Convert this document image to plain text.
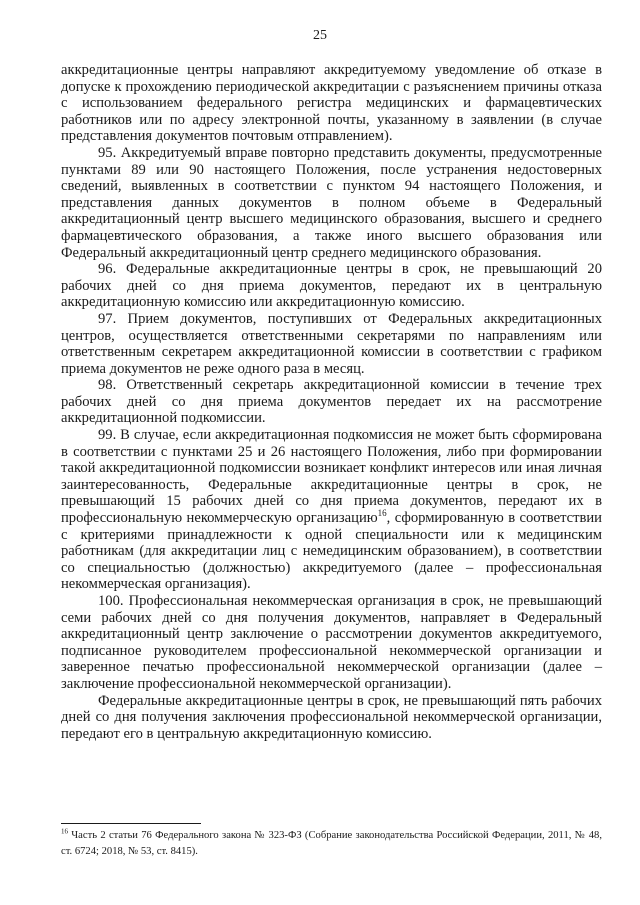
25

аккредитационные центры направляют аккредитуемому уведомление об отказе в допуске к прохождению периодической аккредитации с разъяснением причины отказа с использованием федерального регистра медицинских и фармацевтических работников или по адресу электронной почты, указанному в заявлении (в случае представления документов почтовым отправлением).

95. Аккредитуемый вправе повторно представить документы, предусмотренные пунктами 89 или 90 настоящего Положения, после устранения недостоверных сведений, выявленных в соответствии с пунктом 94 настоящего Положения, и представления данных документов в полном объеме в Федеральный аккредитационный центр высшего медицинского образования, высшего и среднего фармацевтического образования, а также иного высшего образования или Федеральный аккредитационный центр среднего медицинского образования.

96. Федеральные аккредитационные центры в срок, не превышающий 20 рабочих дней со дня приема документов, передают их в центральную аккредитационную комиссию или аккредитационную комиссию.

97. Прием документов, поступивших от Федеральных аккредитационных центров, осуществляется ответственными секретарями по направлениям или ответственным секретарем аккредитационной комиссии в соответствии с графиком приема документов не реже одного раза в месяц.

98. Ответственный секретарь аккредитационной комиссии в течение трех рабочих дней со дня приема документов передает их на рассмотрение аккредитационной подкомиссии.

99. В случае, если аккредитационная подкомиссия не может быть сформирована в соответствии с пунктами 25 и 26 настоящего Положения, либо при формировании такой аккредитационной подкомиссии возникает конфликт интересов или иная личная заинтересованность, Федеральные аккредитационные центры в срок, не превышающий 15 рабочих дней со дня приема документов, передают их в профессиональную некоммерческую организацию$^{16}$, сформированную в соответствии с критериями принадлежности к одной специальности или к медицинским работникам (для аккредитации лиц с немедицинским образованием), в соответствии со специальностью (должностью) аккредитуемого (далее – профессиональная некоммерческая организация).

100. Профессиональная некоммерческая организация в срок, не превышающий семи рабочих дней со дня получения документов, направляет в Федеральный аккредитационный центр заключение о рассмотрении документов аккредитуемого, подписанное руководителем профессиональной некоммерческой организации и заверенное печатью профессиональной некоммерческой организации (далее – заключение профессиональной некоммерческой организации).

Федеральные аккредитационные центры в срок, не превышающий пять рабочих дней со дня получения заключения профессиональной некоммерческой организации, передают его в центральную аккредитационную комиссию.

$^{16}$ Часть 2 статьи 76 Федерального закона № 323-ФЗ (Собрание законодательства Российской Федерации, 2011, № 48, ст. 6724; 2018, № 53, ст. 8415).
